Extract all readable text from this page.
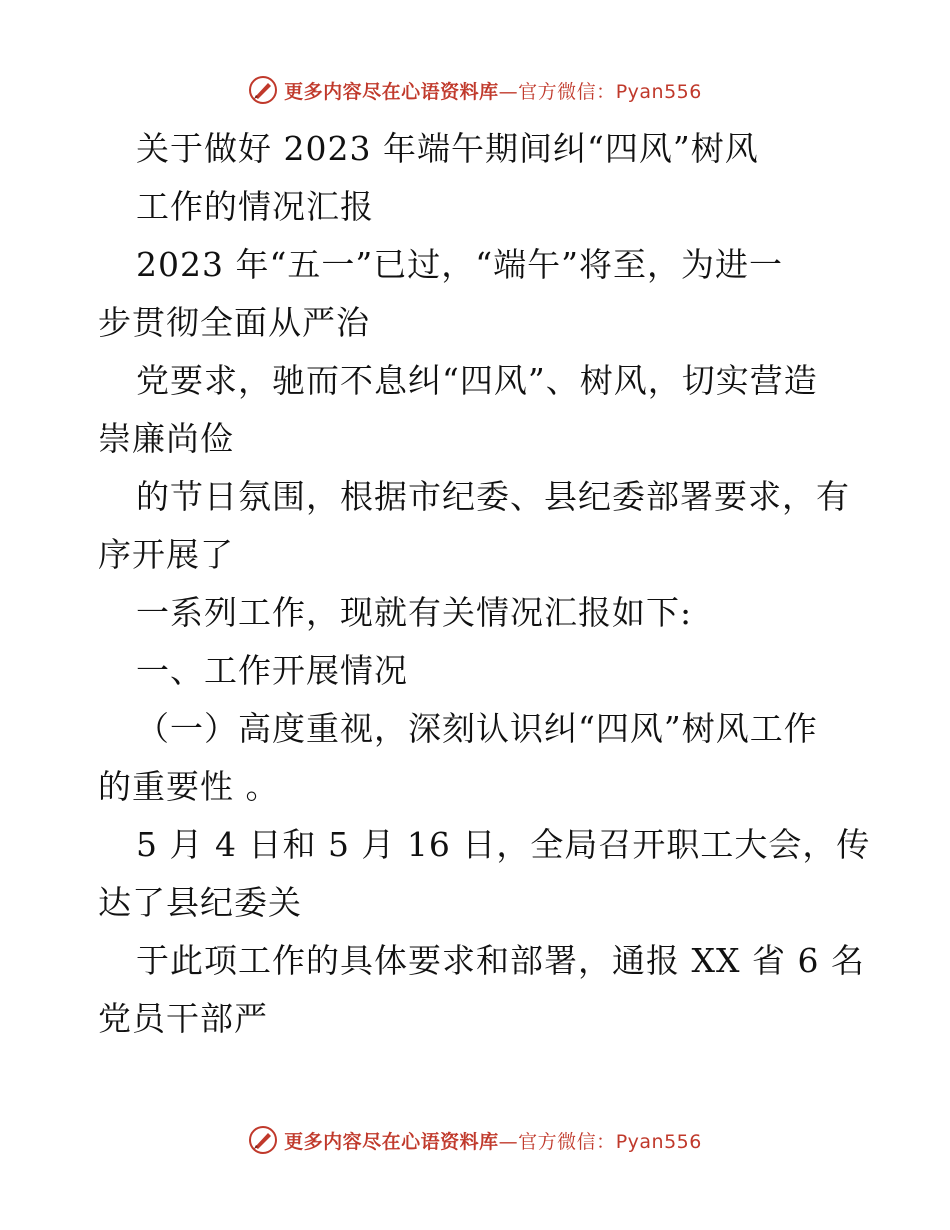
更多内容尽在心语资料库—官方微信：Pyan556
关于做好 2023 年端午期间纠“四风”树风
工作的情况汇报
2023 年“五一”已过，“端午”将至，为进一
步贯彻全面从严治
党要求，驰而不息纠“四风”、树风，切实营造
崇廉尚俭
的节日氛围，根据市纪委、县纪委部署要求，有
序开展了
一系列工作，现就有关情况汇报如下:
一、工作开展情况
（一）高度重视，深刻认识纠“四风”树风工作
的重要性 。
5 月 4 日和 5 月 16 日，全局召开职工大会，传
达了县纪委关
于此项工作的具体要求和部署，通报 XX 省 6 名
党员干部严
更多内容尽在心语资料库—官方微信：Pyan556
